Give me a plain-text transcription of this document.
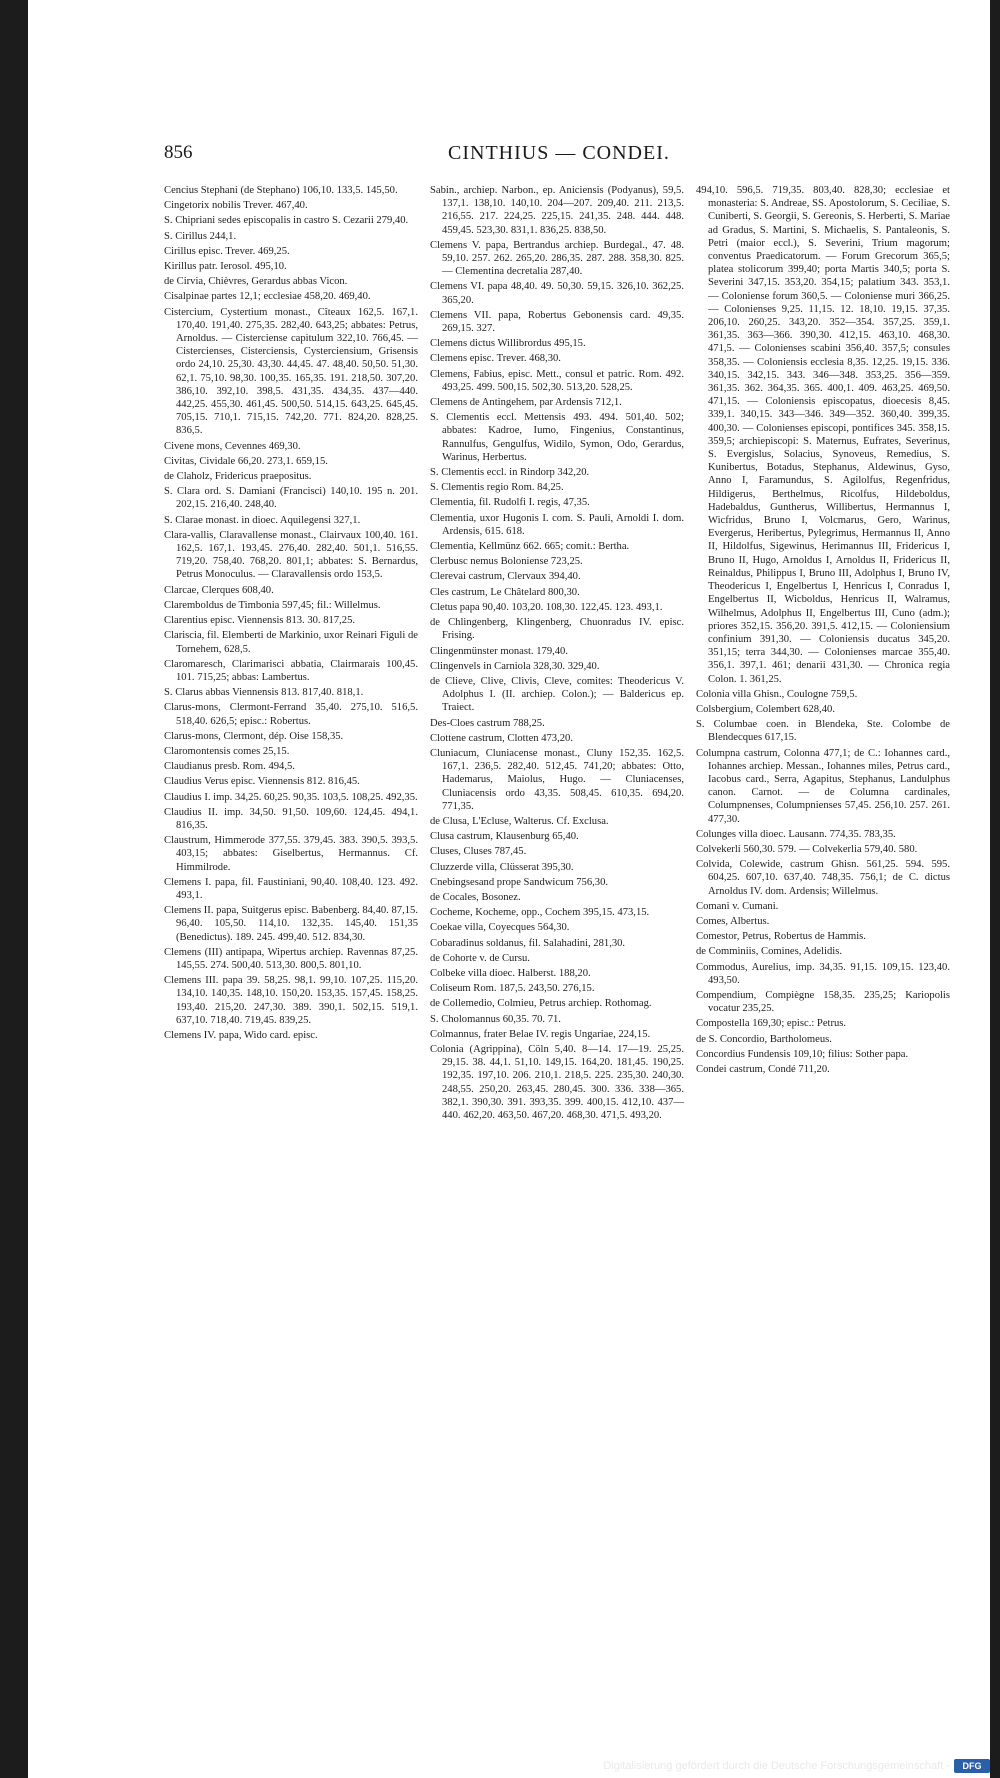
856	CINTHIUS — CONDEI.

Cencius Stephani (de Stephano) 106,10. 133,5. 145,50.

Cingetorix nobilis Trever. 467,40.

S. Chipriani sedes episcopalis in castro S. Cezarii 279,40.

S. Cirillus 244,1.

Cirillus episc. Trever. 469,25.

Kirillus patr. Ierosol. 495,10.

de Cirvia, Chièvres, Gerardus abbas Vicon.

Cisalpinae partes 12,1; ecclesiae 458,20. 469,40.

Cistercium, Cystertium monast., Cîteaux 162,5. 167,1. 170,40. 191,40. 275,35. 282,40. 643,25; abbates: Petrus, Arnoldus. — Cisterciense capitulum 322,10. 766,45. — Cistercienses, Cisterciensis, Cysterciensium, Grisensis ordo 24,10. 25,30. 43,30. 44,45. 47. 48,40. 50,50. 51,30. 62,1. 75,10. 98,30. 100,35. 165,35. 191. 218,50. 307,20. 386,10. 392,10. 398,5. 431,35. 434,35. 437—440. 442,25. 455,30. 461,45. 500,50. 514,15. 643,25. 645,45. 705,15. 710,1. 715,15. 742,20. 771. 824,20. 828,25. 836,5.

Civene mons, Cevennes 469,30.

Civitas, Cividale 66,20. 273,1. 659,15.

de Claholz, Fridericus praepositus.

S. Clara ord. S. Damiani (Francisci) 140,10. 195 n. 201. 202,15. 216,40. 248,40.

S. Clarae monast. in dioec. Aquilegensi 327,1.

Clara-vallis, Claravallense monast., Clairvaux 100,40. 161. 162,5. 167,1. 193,45. 276,40. 282,40. 501,1. 516,55. 719,20. 758,40. 768,20. 801,1; abbates: S. Bernardus, Petrus Monoculus. — Claravallensis ordo 153,5.

Clarcae, Clerques 608,40.

Claremboldus de Timbonia 597,45; fil.: Willelmus.

Clarentius episc. Viennensis 813. 30. 817,25.

Clariscia, fil. Elemberti de Markinio, uxor Reinari Figuli de Tornehem, 628,5.

Claromaresch, Clarimarisci abbatia, Clairmarais 100,45. 101. 715,25; abbas: Lambertus.

S. Clarus abbas Viennensis 813. 817,40. 818,1.

Clarus-mons, Clermont-Ferrand 35,40. 275,10. 516,5. 518,40. 626,5; episc.: Robertus.

Clarus-mons, Clermont, dép. Oise 158,35.

Claromontensis comes 25,15.

Claudianus presb. Rom. 494,5.

Claudius Verus episc. Viennensis 812. 816,45.

Claudius I. imp. 34,25. 60,25. 90,35. 103,5. 108,25. 492,35.

Claudius II. imp. 34,50. 91,50. 109,60. 124,45. 494,1. 816,35.

Claustrum, Himmerode 377,55. 379,45. 383. 390,5. 393,5. 403,15; abbates: Giselbertus, Hermannus. Cf. Himmilrode.

Clemens I. papa, fil. Faustiniani, 90,40. 108,40. 123. 492. 493,1.

Clemens II. papa, Suitgerus episc. Babenberg. 84,40. 87,15. 96,40. 105,50. 114,10. 132,35. 145,40. 151,35 (Benedictus). 189. 245. 499,40. 512. 834,30.

Clemens (III) antipapa, Wipertus archiep. Ravennas 87,25. 145,55. 274. 500,40. 513,30. 800,5. 801,10.

Clemens III. papa 39. 58,25. 98,1. 99,10. 107,25. 115,20. 134,10. 140,35. 148,10. 150,20. 153,35. 157,45. 158,25. 193,40. 215,20. 247,30. 389. 390,1. 502,15. 519,1. 637,10. 718,40. 719,45. 839,25.

Clemens IV. papa, Wido card. episc.

Sabin., archiep. Narbon., ep. Aniciensis (Podyanus), 59,5. 137,1. 138,10. 140,10. 204—207. 209,40. 211. 213,5. 216,55. 217. 224,25. 225,15. 241,35. 248. 444. 448. 459,45. 523,30. 831,1. 836,25. 838,50.

Clemens V. papa, Bertrandus archiep. Burdegal., 47. 48. 59,10. 257. 262. 265,20. 286,35. 287. 288. 358,30. 825. — Clementina decretalia 287,40.

Clemens VI. papa 48,40. 49. 50,30. 59,15. 326,10. 362,25. 365,20.

Clemens VII. papa, Robertus Gebonensis card. 49,35. 269,15. 327.

Clemens dictus Willibrordus 495,15.

Clemens episc. Trever. 468,30.

Clemens, Fabius, episc. Mett., consul et patric. Rom. 492. 493,25. 499. 500,15. 502,30. 513,20. 528,25.

Clemens de Antingehem, par Ardensis 712,1.

S. Clementis eccl. Mettensis 493. 494. 501,40. 502; abbates: Kadroe, Iumo, Fingenius, Constantinus, Rannulfus, Gengulfus, Widilo, Symon, Odo, Gerardus, Warinus, Herbertus.

S. Clementis eccl. in Rindorp 342,20.

S. Clementis regio Rom. 84,25.

Clementia, fil. Rudolfi I. regis, 47,35.

Clementia, uxor Hugonis I. com. S. Pauli, Arnoldi I. dom. Ardensis, 615. 618.

Clementia, Kellmünz 662. 665; comit.: Bertha.

Clerbusc nemus Boloniense 723,25.

Clerevai castrum, Clervaux 394,40.

Cles castrum, Le Châtelard 800,30.

Cletus papa 90,40. 103,20. 108,30. 122,45. 123. 493,1.

de Chlingenberg, Klingenberg, Chuonradus IV. episc. Frising.

Clingenmünster monast. 179,40.

Clingenvels in Carniola 328,30. 329,40.

de Clieve, Clive, Clivis, Cleve, comites: Theodericus V. Adolphus I. (II. archiep. Colon.); — Baldericus ep. Traiect.

Des-Cloes castrum 788,25.

Clottene castrum, Clotten 473,20.

Cluniacum, Cluniacense monast., Cluny 152,35. 162,5. 167,1. 236,5. 282,40. 512,45. 741,20; abbates: Otto, Hademarus, Maiolus, Hugo. — Cluniacenses, Cluniacensis ordo 43,35. 508,45. 610,35. 694,20. 771,35.

de Clusa, L'Ecluse, Walterus. Cf. Exclusa.

Clusa castrum, Klausenburg 65,40.

Cluses, Cluses 787,45.

Cluzzerde villa, Clüsserat 395,30.

Cnebingsesand prope Sandwicum 756,30.

de Cocales, Bosonez.

Cocheme, Kocheme, opp., Cochem 395,15. 473,15.

Coekae villa, Coyecques 564,30.

Cobaradinus soldanus, fil. Salahadini, 281,30.

de Cohorte v. de Cursu.

Colbeke villa dioec. Halberst. 188,20.

Coliseum Rom. 187,5. 243,50. 276,15.

de Collemedio, Colmieu, Petrus archiep. Rothomag.

S. Cholomannus 60,35. 70. 71.

Colmannus, frater Belae IV. regis Ungariae, 224,15.

Colonia (Agrippina), Cöln 5,40. 8—14. 17—19. 25,25. 29,15. 38. 44,1. 51,10. 149,15. 164,20. 181,45. 190,25. 192,35. 197,10. 206. 210,1. 218,5. 225. 235,30. 240,30. 248,55. 250,20. 263,45. 280,45. 300. 336. 338—365. 382,1. 390,30. 391. 393,35. 399. 400,15. 412,10. 437—440. 462,20. 463,50. 467,20. 468,30. 471,5. 493,20.

494,10. 596,5. 719,35. 803,40. 828,30; ecclesiae et monasteria: S. Andreae, SS. Apostolorum, S. Ceciliae, S. Cuniberti, S. Georgii, S. Gereonis, S. Herberti, S. Mariae ad Gradus, S. Martini, S. Michaelis, S. Pantaleonis, S. Petri (maior eccl.), S. Severini, Trium magorum; conventus Praedicatorum. — Forum Grecorum 365,5; platea stolicorum 399,40; porta Martis 340,5; porta S. Severini 347,15. 353,20. 354,15; palatium 343. 353,1. — Coloniense forum 360,5. — Coloniense muri 366,25. — Colonienses 9,25. 11,15. 12. 18,10. 19,15. 37,35. 206,10. 260,25. 343,20. 352—354. 357,25. 359,1. 361,35. 363—366. 390,30. 412,15. 463,10. 468,30. 471,5. — Colonienses scabini 356,40. 357,5; consules 358,35. — Coloniensis ecclesia 8,35. 12,25. 19,15. 336. 340,15. 342,15. 343. 346—348. 353,25. 356—359. 361,35. 362. 364,35. 365. 400,1. 409. 463,25. 469,50. 471,15. — Coloniensis episcopatus, dioecesis 8,45. 339,1. 340,15. 343—346. 349—352. 360,40. 399,35. 400,30. — Colonienses episcopi, pontifices 345. 358,15. 359,5; archiepiscopi: S. Maternus, Eufrates, Severinus, S. Evergislus, Solacius, Synoveus, Remedius, S. Kunibertus, Botadus, Stephanus, Aldewinus, Gyso, Anno I, Faramundus, S. Agilolfus, Regenfridus, Hildigerus, Berthelmus, Ricolfus, Hildeboldus, Hadebaldus, Guntherus, Willibertus, Hermannus I, Wicfridus, Bruno I, Volcmarus, Gero, Warinus, Evergerus, Heribertus, Pylegrimus, Hermannus II, Anno II, Hildolfus, Sigewinus, Herimannus III, Fridericus I, Bruno II, Hugo, Arnoldus I, Arnoldus II, Fridericus II, Reinaldus, Philippus I, Bruno III, Adolphus I, Bruno IV, Theodericus I, Engelbertus I, Henricus I, Conradus I, Engelbertus II, Wicboldus, Henricus II, Walramus, Wilhelmus, Adolphus II, Engelbertus III, Cuno (adm.); priores 352,15. 356,20. 391,5. 412,15. — Coloniensium confinium 391,30. — Coloniensis ducatus 345,20. 351,15; terra 344,30. — Colonienses marcae 355,40. 356,1. 397,1. 461; denarii 431,30. — Chronica regia Colon. 1. 361,25.

Colonia villa Ghisn., Coulogne 759,5.

Colsbergium, Colembert 628,40.

S. Columbae coen. in Blendeka, Ste. Colombe de Blendecques 617,15.

Columpna castrum, Colonna 477,1; de C.: Iohannes card., Iohannes archiep. Messan., Iohannes miles, Petrus card., Iacobus card., Serra, Agapitus, Stephanus, Landulphus canon. Carnot. — de Columna cardinales, Columpnenses, Columpnienses 57,45. 256,10. 257. 261. 477,30.

Colunges villa dioec. Lausann. 774,35. 783,35.

Colvekerli 560,30. 579. — Colvekerlia 579,40. 580.

Colvida, Colewide, castrum Ghisn. 561,25. 594. 595. 604,25. 607,10. 637,40. 748,35. 756,1; de C. dictus Arnoldus IV. dom. Ardensis; Willelmus.

Comani v. Cumani.

Comes, Albertus.

Comestor, Petrus, Robertus de Hammis.

de Comminiis, Comines, Adelidis.

Commodus, Aurelius, imp. 34,35. 91,15. 109,15. 123,40. 493,50.

Compendium, Compiègne 158,35. 235,25; Kariopolis vocatur 235,25.

Compostella 169,30; episc.: Petrus.

de S. Concordio, Bartholomeus.

Concordius Fundensis 109,10; filius: Sother papa.

Condei castrum, Condé 711,20.

Digitalisierung gefördert durch die Deutsche Forschungsgemeinschaft -	DFG
